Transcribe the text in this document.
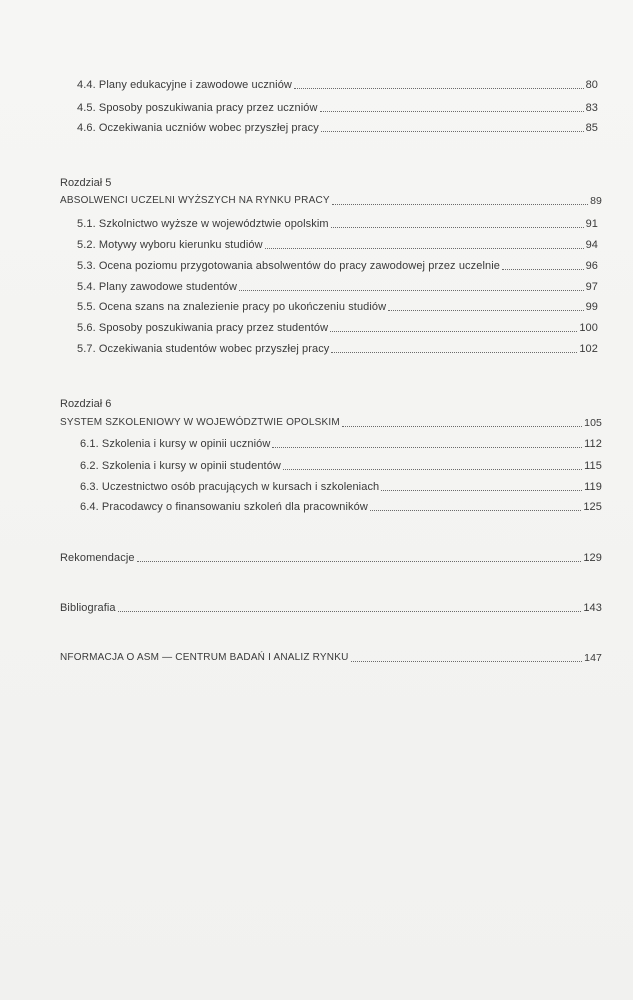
4.4. Plany edukacyjne i zawodowe uczniów	80
4.5. Sposoby poszukiwania pracy przez uczniów	83
4.6. Oczekiwania uczniów wobec przyszłej pracy	85
Rozdział 5
ABSOLWENCI UCZELNI WYŻSZYCH NA RYNKU PRACY	89
5.1. Szkolnictwo wyższe w województwie opolskim	91
5.2. Motywy wyboru kierunku studiów	94
5.3. Ocena poziomu przygotowania absolwentów do pracy zawodowej przez uczelnie	96
5.4. Plany zawodowe studentów	97
5.5. Ocena szans na znalezienie pracy po ukończeniu studiów	99
5.6. Sposoby poszukiwania pracy przez studentów	100
5.7. Oczekiwania studentów wobec przyszłej pracy	102
Rozdział 6
SYSTEM SZKOLENIOWY W WOJEWÓDZTWIE OPOLSKIM	105
6.1. Szkolenia i kursy w opinii uczniów	112
6.2. Szkolenia i kursy w opinii studentów	115
6.3. Uczestnictwo osób pracujących w kursach i szkoleniach	119
6.4. Pracodawcy o finansowaniu szkoleń dla pracowników	125
Rekomendacje	129
Bibliografia	143
NFORMACJA O ASM — CENTRUM BADAŃ I ANALIZ RYNKU	147
